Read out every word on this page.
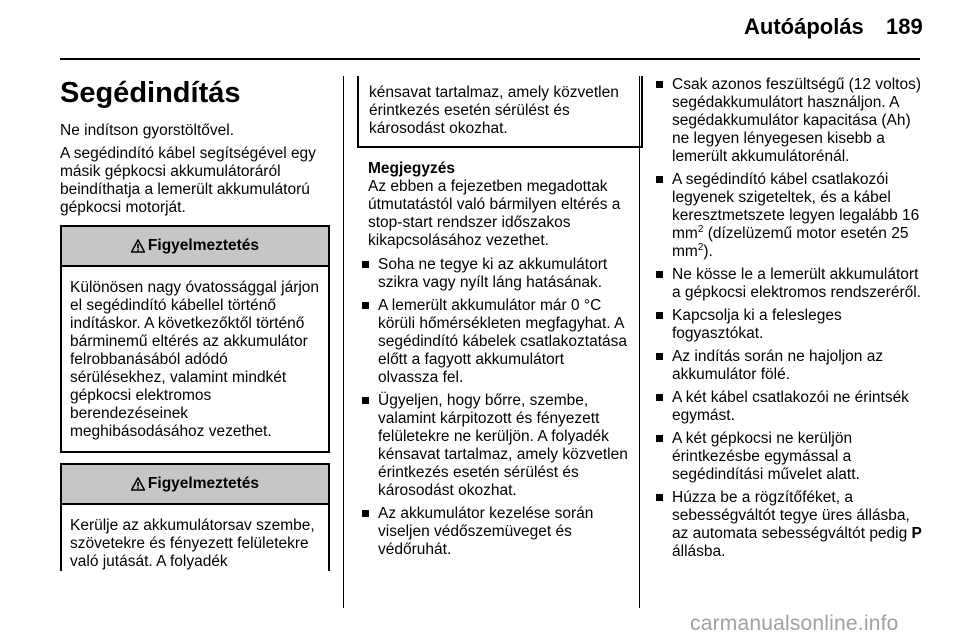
Autóápolás 189
Segédindítás

Ne indítson gyorstöltővel.

A segédindító kábel segítségével egy másik gépkocsi akkumulátoráról beindíthatja a lemerült akkumulátorú gépkocsi motorját.

Figyelmeztetés
Különösen nagy óvatossággal járjon el segédindító kábellel történő indításkor. A következőktől történő bárminemű eltérés az akkumulátor felrobbanásából adódó sérülésekhez, valamint mindkét gépkocsi elektromos berendezéseinek meghibásodásához vezethet.
Figyelmeztetés
Kerülje az akkumulátorsav szembe, szövetekre és fényezett felületekre való jutását. A folyadék
kénsavat tartalmaz, amely közvetlen érintkezés esetén sérülést és károsodást okozhat.
Megjegyzés
Az ebben a fejezetben megadottak útmutatástól való bármilyen eltérés a stop-start rendszer időszakos kikapcsolásához vezethet.
Soha ne tegye ki az akkumulátort szikra vagy nyílt láng hatásának.
A lemerült akkumulátor már 0 °C körüli hőmérsékleten megfagyhat. A segédindító kábelek csatlakoztatása előtt a fagyott akkumulátort olvassza fel.
Ügyeljen, hogy bőrre, szembe, valamint kárpitozott és fényezett felületekre ne kerüljön. A folyadék kénsavat tartalmaz, amely közvetlen érintkezés esetén sérülést és károsodást okozhat.
Az akkumulátor kezelése során viseljen védőszemüveget és védőruhát.
Csak azonos feszültségű (12 voltos) segédakkumulátort használjon. A segédakkumulátor kapacitása (Ah) ne legyen lényegesen kisebb a lemerült akkumulátorénál.
A segédindító kábel csatlakozói legyenek szigeteltek, és a kábel keresztmetszete legyen legalább 16 $mm^2$ (dízelüzemű motor esetén 25 $mm^2$).
Ne kösse le a lemerült akkumulátort a gépkocsi elektromos rendszeréről.
Kapcsolja ki a felesleges fogyasztókat.
Az indítás során ne hajoljon az akkumulátor fölé.
A két kábel csatlakozói ne érintsék egymást.
A két gépkocsi ne kerüljön érintkezésbe egymással a segédindítási művelet alatt.
Húzza be a rögzítőféket, a sebességváltót tegye üres állásba, az automata sebességváltót pedig P állásba.
carmanualsonline.info
